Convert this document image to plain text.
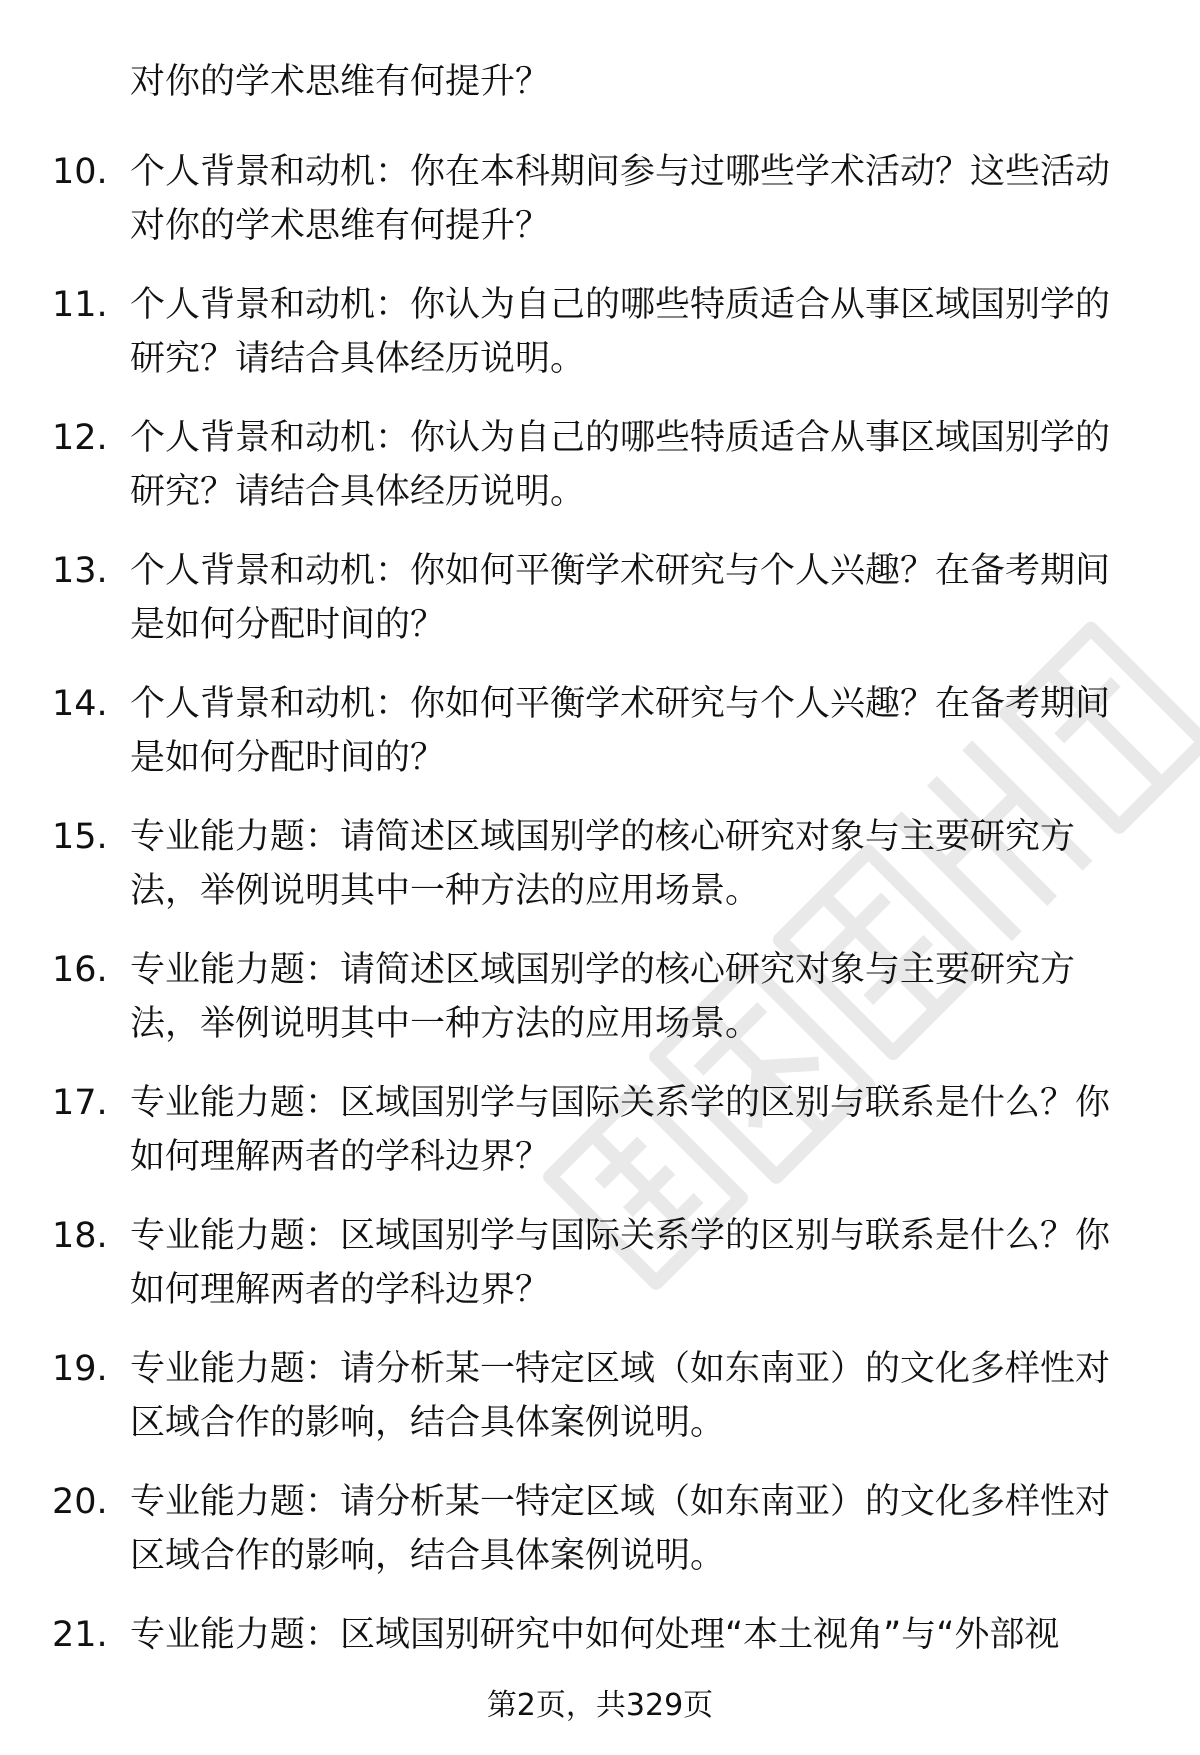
对你的学术思维有何提升？
10. 个人背景和动机：你在本科期间参与过哪些学术活动？这些活动
对你的学术思维有何提升？
11. 个人背景和动机：你认为自己的哪些特质适合从事区域国别学的
研究？请结合具体经历说明。
12. 个人背景和动机：你认为自己的哪些特质适合从事区域国别学的
研究？请结合具体经历说明。
13. 个人背景和动机：你如何平衡学术研究与个人兴趣？在备考期间
是如何分配时间的？
14. 个人背景和动机：你如何平衡学术研究与个人兴趣？在备考期间
是如何分配时间的？
15. 专业能力题：请简述区域国别学的核心研究对象与主要研究方
法，举例说明其中一种方法的应用场景。
16. 专业能力题：请简述区域国别学的核心研究对象与主要研究方
法，举例说明其中一种方法的应用场景。
17. 专业能力题：区域国别学与国际关系学的区别与联系是什么？你
如何理解两者的学科边界？
18. 专业能力题：区域国别学与国际关系学的区别与联系是什么？你
如何理解两者的学科边界？
19. 专业能力题：请分析某一特定区域（如东南亚）的文化多样性对
区域合作的影响，结合具体案例说明。
20. 专业能力题：请分析某一特定区域（如东南亚）的文化多样性对
区域合作的影响，结合具体案例说明。
21. 专业能力题：区域国别研究中如何处理“本土视角”与“外部视
第2页，共329页
